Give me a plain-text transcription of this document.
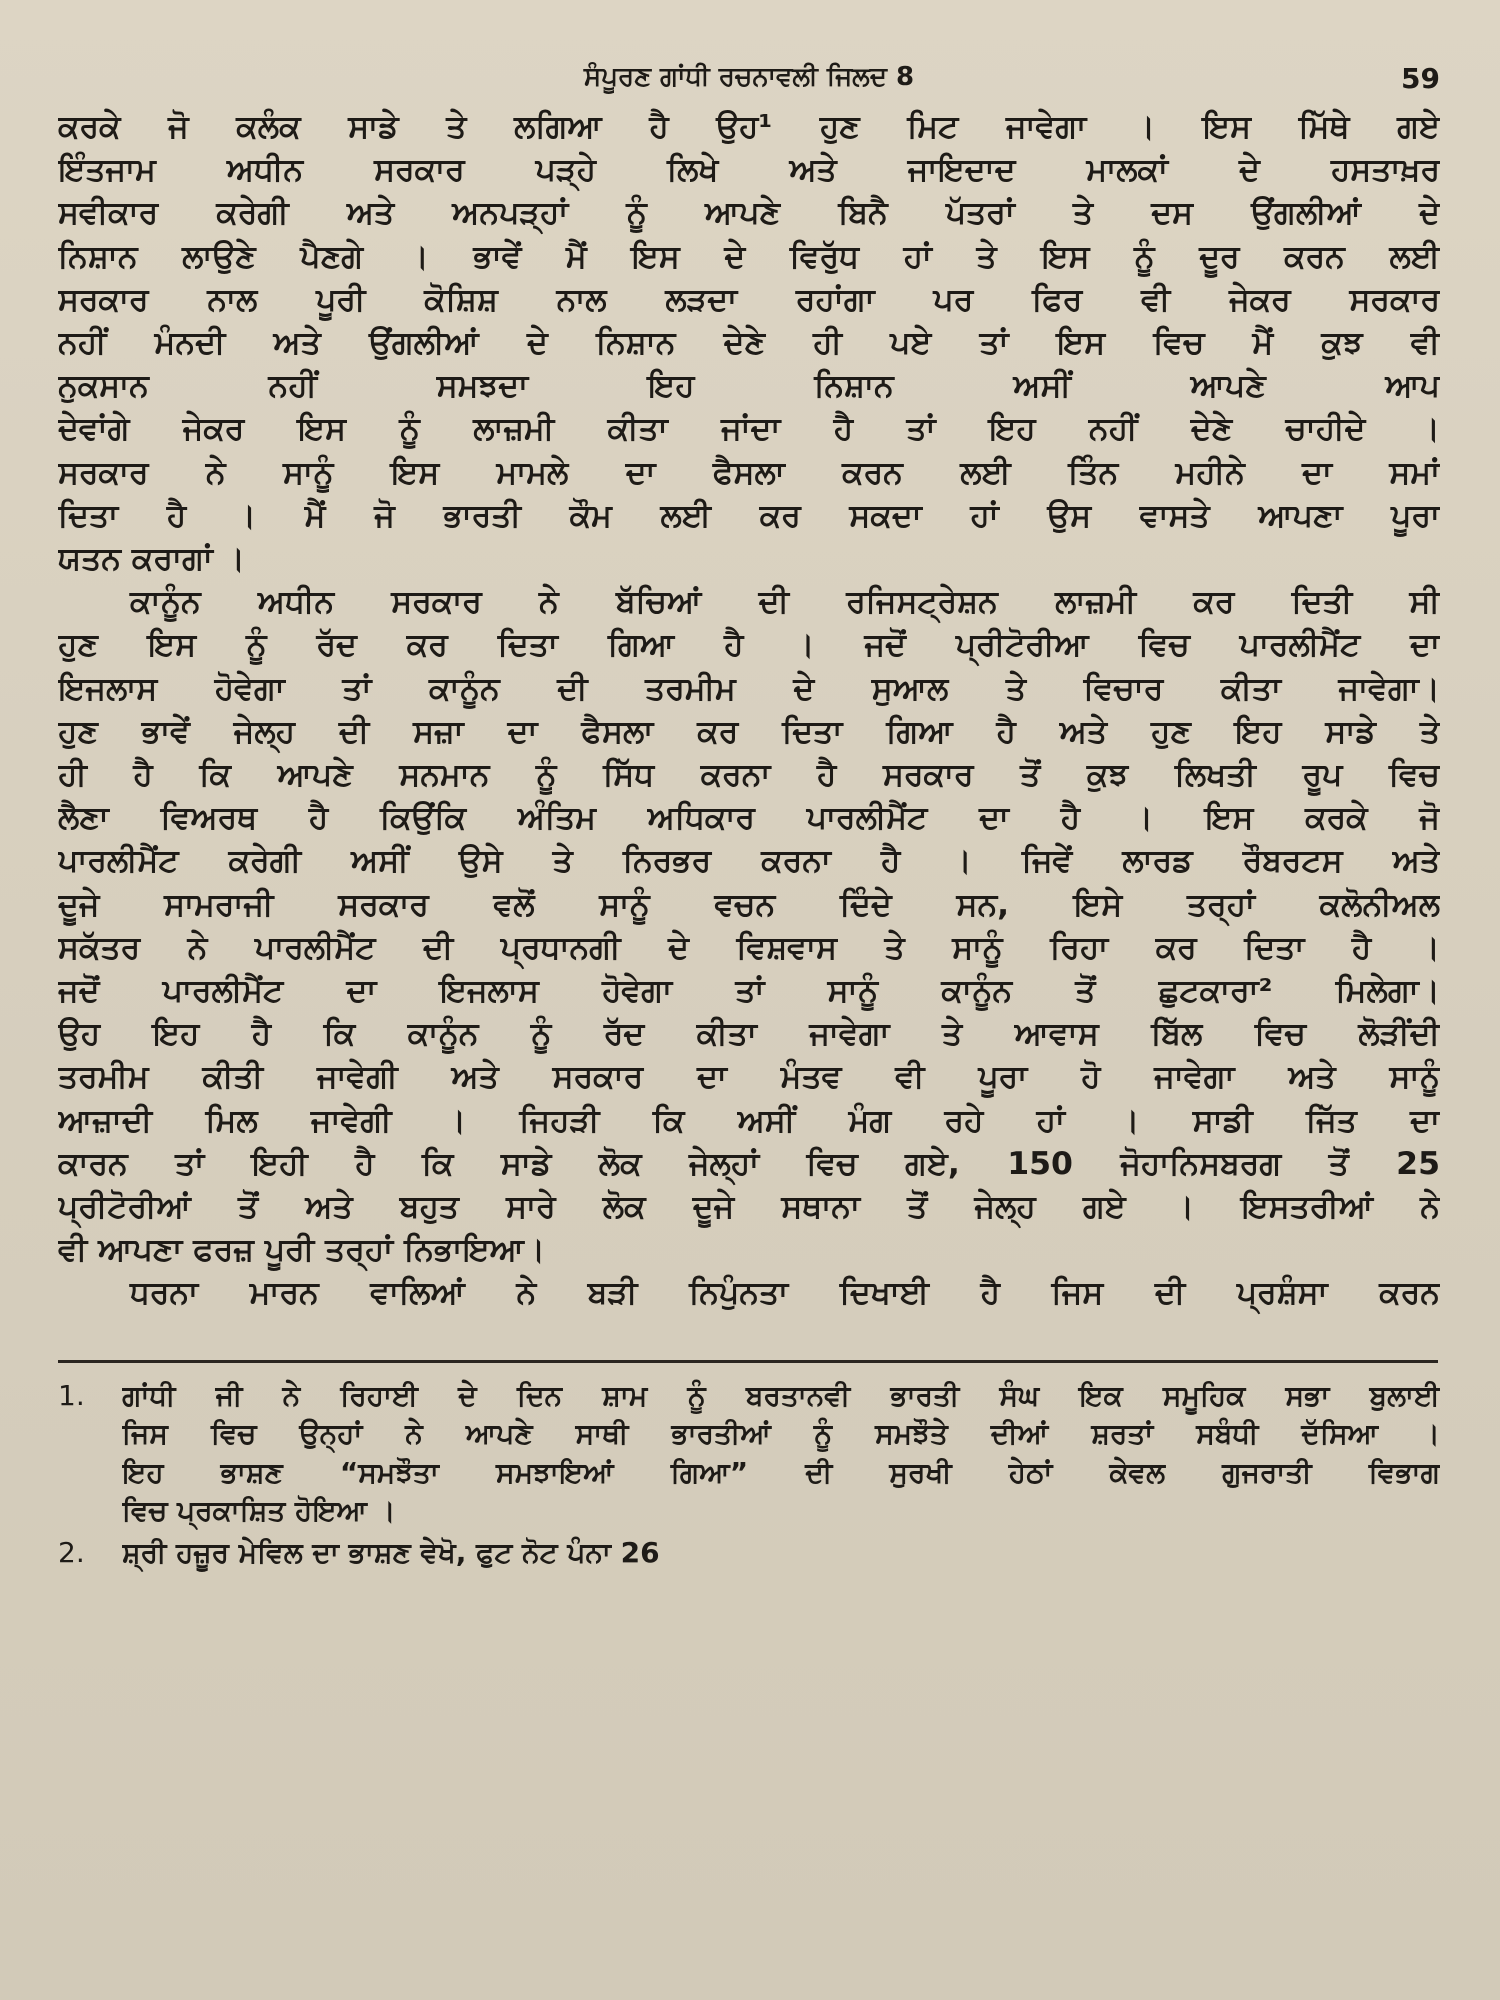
ਸੰਪੂਰਣ ਗਾਂਧੀ ਰਚਨਾਵਲੀ ਜਿਲਦ 8	59
ਕਰਕੇ ਜੋ ਕਲੰਕ ਸਾਡੇ ਤੇ ਲਗਿਆ ਹੈ ਉਹ¹ ਹੁਣ ਮਿਟ ਜਾਵੇਗਾ । ਇਸ ਮਿੱਥੇ ਗਏ
ਇੰਤਜਾਮ ਅਧੀਨ ਸਰਕਾਰ ਪੜ੍ਹੇ ਲਿਖੇ ਅਤੇ ਜਾਇਦਾਦ ਮਾਲਕਾਂ ਦੇ ਹਸਤਾਖ਼ਰ
ਸਵੀਕਾਰ ਕਰੇਗੀ ਅਤੇ ਅਨਪੜ੍ਹਾਂ ਨੂੰ ਆਪਣੇ ਬਿਨੈ ਪੱਤਰਾਂ ਤੇ ਦਸ ਉਂਗਲੀਆਂ ਦੇ
ਨਿਸ਼ਾਨ ਲਾਉਣੇ ਪੈਣਗੇ । ਭਾਵੇਂ ਮੈਂ ਇਸ ਦੇ ਵਿਰੁੱਧ ਹਾਂ ਤੇ ਇਸ ਨੂੰ ਦੂਰ ਕਰਨ ਲਈ
ਸਰਕਾਰ ਨਾਲ ਪੂਰੀ ਕੋਸ਼ਿਸ਼ ਨਾਲ ਲੜਦਾ ਰਹਾਂਗਾ ਪਰ ਫਿਰ ਵੀ ਜੇਕਰ ਸਰਕਾਰ
ਨਹੀਂ ਮੰਨਦੀ ਅਤੇ ਉਂਗਲੀਆਂ ਦੇ ਨਿਸ਼ਾਨ ਦੇਣੇ ਹੀ ਪਏ ਤਾਂ ਇਸ ਵਿਚ ਮੈਂ ਕੁਝ ਵੀ
ਨੁਕਸਾਨ ਨਹੀਂ ਸਮਝਦਾ ਇਹ ਨਿਸ਼ਾਨ ਅਸੀਂ ਆਪਣੇ ਆਪ
ਦੇਵਾਂਗੇ ਜੇਕਰ ਇਸ ਨੂੰ ਲਾਜ਼ਮੀ ਕੀਤਾ ਜਾਂਦਾ ਹੈ ਤਾਂ ਇਹ ਨਹੀਂ ਦੇਣੇ ਚਾਹੀਦੇ ।
ਸਰਕਾਰ ਨੇ ਸਾਨੂੰ ਇਸ ਮਾਮਲੇ ਦਾ ਫੈਸਲਾ ਕਰਨ ਲਈ ਤਿੰਨ ਮਹੀਨੇ ਦਾ ਸਮਾਂ
ਦਿਤਾ ਹੈ । ਮੈਂ ਜੋ ਭਾਰਤੀ ਕੌਮ ਲਈ ਕਰ ਸਕਦਾ ਹਾਂ ਉਸ ਵਾਸਤੇ ਆਪਣਾ ਪੂਰਾ
ਯਤਨ ਕਰਾਗਾਂ ।
ਕਾਨੂੰਨ ਅਧੀਨ ਸਰਕਾਰ ਨੇ ਬੱਚਿਆਂ ਦੀ ਰਜਿਸਟ੍ਰੇਸ਼ਨ ਲਾਜ਼ਮੀ ਕਰ ਦਿਤੀ ਸੀ
ਹੁਣ ਇਸ ਨੂੰ ਰੱਦ ਕਰ ਦਿਤਾ ਗਿਆ ਹੈ । ਜਦੋਂ ਪ੍ਰੀਟੋਰੀਆ ਵਿਚ ਪਾਰਲੀਮੈਂਟ ਦਾ
ਇਜਲਾਸ ਹੋਵੇਗਾ ਤਾਂ ਕਾਨੂੰਨ ਦੀ ਤਰਮੀਮ ਦੇ ਸੁਆਲ ਤੇ ਵਿਚਾਰ ਕੀਤਾ ਜਾਵੇਗਾ।
ਹੁਣ ਭਾਵੇਂ ਜੇਲ੍ਹ ਦੀ ਸਜ਼ਾ ਦਾ ਫੈਸਲਾ ਕਰ ਦਿਤਾ ਗਿਆ ਹੈ ਅਤੇ ਹੁਣ ਇਹ ਸਾਡੇ ਤੇ
ਹੀ ਹੈ ਕਿ ਆਪਣੇ ਸਨਮਾਨ ਨੂੰ ਸਿੱਧ ਕਰਨਾ ਹੈ ਸਰਕਾਰ ਤੋਂ ਕੁਝ ਲਿਖਤੀ ਰੂਪ ਵਿਚ
ਲੈਣਾ ਵਿਅਰਥ ਹੈ ਕਿਉਂਕਿ ਅੰਤਿਮ ਅਧਿਕਾਰ ਪਾਰਲੀਮੈਂਟ ਦਾ ਹੈ । ਇਸ ਕਰਕੇ ਜੋ
ਪਾਰਲੀਮੈਂਟ ਕਰੇਗੀ ਅਸੀਂ ਉਸੇ ਤੇ ਨਿਰਭਰ ਕਰਨਾ ਹੈ । ਜਿਵੇਂ ਲਾਰਡ ਰੌਬਰਟਸ ਅਤੇ
ਦੂਜੇ ਸਾਮਰਾਜੀ ਸਰਕਾਰ ਵਲੋਂ ਸਾਨੂੰ ਵਚਨ ਦਿੰਦੇ ਸਨ, ਇਸੇ ਤਰ੍ਹਾਂ ਕਲੋਨੀਅਲ
ਸਕੱਤਰ ਨੇ ਪਾਰਲੀਮੈਂਟ ਦੀ ਪ੍ਰਧਾਨਗੀ ਦੇ ਵਿਸ਼ਵਾਸ ਤੇ ਸਾਨੂੰ ਰਿਹਾ ਕਰ ਦਿਤਾ ਹੈ ।
ਜਦੋਂ ਪਾਰਲੀਮੈਂਟ ਦਾ ਇਜਲਾਸ ਹੋਵੇਗਾ ਤਾਂ ਸਾਨੂੰ ਕਾਨੂੰਨ ਤੋਂ ਛੁਟਕਾਰਾ² ਮਿਲੇਗਾ।
ਉਹ ਇਹ ਹੈ ਕਿ ਕਾਨੂੰਨ ਨੂੰ ਰੱਦ ਕੀਤਾ ਜਾਵੇਗਾ ਤੇ ਆਵਾਸ ਬਿੱਲ ਵਿਚ ਲੋੜੀਂਦੀ
ਤਰਮੀਮ ਕੀਤੀ ਜਾਵੇਗੀ ਅਤੇ ਸਰਕਾਰ ਦਾ ਮੰਤਵ ਵੀ ਪੂਰਾ ਹੋ ਜਾਵੇਗਾ ਅਤੇ ਸਾਨੂੰ
ਆਜ਼ਾਦੀ ਮਿਲ ਜਾਵੇਗੀ । ਜਿਹੜੀ ਕਿ ਅਸੀਂ ਮੰਗ ਰਹੇ ਹਾਂ । ਸਾਡੀ ਜਿੱਤ ਦਾ
ਕਾਰਨ ਤਾਂ ਇਹੀ ਹੈ ਕਿ ਸਾਡੇ ਲੋਕ ਜੇਲ੍ਹਾਂ ਵਿਚ ਗਏ, 150 ਜੋਹਾਨਿਸਬਰਗ ਤੋਂ 25
ਪ੍ਰੀਟੋਰੀਆਂ ਤੋਂ ਅਤੇ ਬਹੁਤ ਸਾਰੇ ਲੋਕ ਦੂਜੇ ਸਥਾਨਾ ਤੋਂ ਜੇਲ੍ਹ ਗਏ । ਇਸਤਰੀਆਂ ਨੇ
ਵੀ ਆਪਣਾ ਫਰਜ਼ ਪੂਰੀ ਤਰ੍ਹਾਂ ਨਿਭਾਇਆ।
ਧਰਨਾ ਮਾਰਨ ਵਾਲਿਆਂ ਨੇ ਬੜੀ ਨਿਪੁੰਨਤਾ ਦਿਖਾਈ ਹੈ ਜਿਸ ਦੀ ਪ੍ਰਸ਼ੰਸਾ ਕਰਨ
1.	ਗਾਂਧੀ ਜੀ ਨੇ ਰਿਹਾਈ ਦੇ ਦਿਨ ਸ਼ਾਮ ਨੂੰ ਬਰਤਾਨਵੀ ਭਾਰਤੀ ਸੰਘ ਇਕ ਸਮੂਹਿਕ ਸਭਾ ਬੁਲਾਈ
ਜਿਸ ਵਿਚ ਉਨ੍ਹਾਂ ਨੇ ਆਪਣੇ ਸਾਥੀ ਭਾਰਤੀਆਂ ਨੂੰ ਸਮਝੌਤੇ ਦੀਆਂ ਸ਼ਰਤਾਂ ਸਬੰਧੀ ਦੱਸਿਆ ।
ਇਹ ਭਾਸ਼ਣ “ਸਮਝੌਤਾ ਸਮਝਾਇਆਂ ਗਿਆ” ਦੀ ਸੁਰਖੀ ਹੇਠਾਂ ਕੇਵਲ ਗੁਜਰਾਤੀ ਵਿਭਾਗ
ਵਿਚ ਪ੍ਰਕਾਸ਼ਿਤ ਹੋਇਆ ।
2.	ਸ਼੍ਰੀ ਹਜ਼ੂਰ ਮੇਵਿਲ ਦਾ ਭਾਸ਼ਣ ਵੇਖੋ, ਫੁਟ ਨੋਟ ਪੰਨਾ 26
